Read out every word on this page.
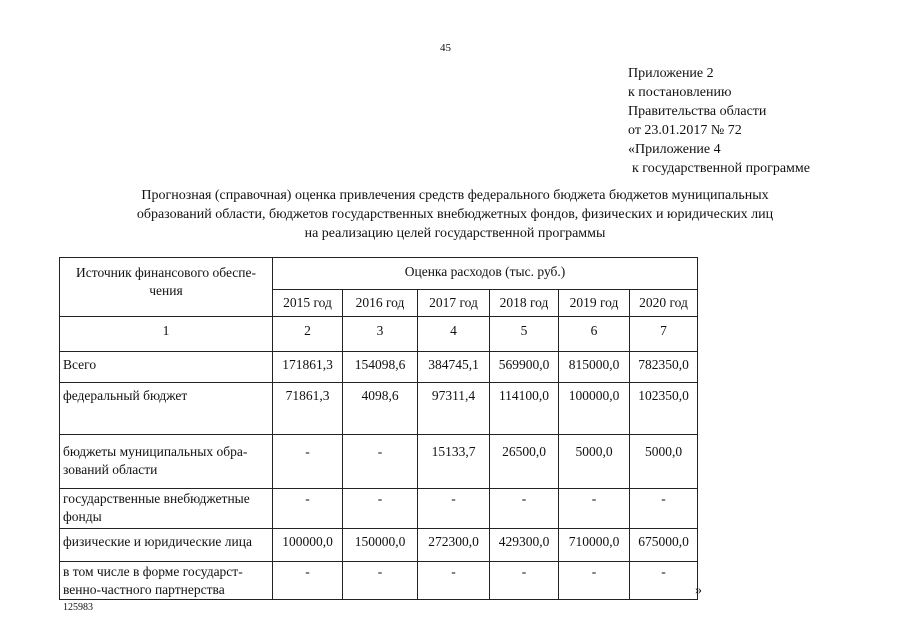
45
Приложение 2
к постановлению
Правительства области
от 23.01.2017 № 72
«Приложение 4
к государственной программе
Прогнозная (справочная) оценка привлечения средств федерального бюджета бюджетов муниципальных
образований области, бюджетов государственных внебюджетных фондов, физических и юридических лиц
на реализацию целей государственной программы
Источник финансового обеспе-
чения	Оценка расходов (тыс. руб.)					
	2015 год	2016 год	2017 год	2018 год	2019 год	2020 год
1	2	3	4	5	6	7

Всего	171861,3	154098,6	384745,1	569900,0	815000,0	782350,0

федеральный бюджет	71861,3	4098,6	97311,4	114100,0	100000,0	102350,0

бюджеты муниципальных обра-
зований области	-	-	15133,7	26500,0	5000,0	5000,0

государственные внебюджетные
фонды	-	-	-	-	-	-

физические и юридические лица	100000,0	150000,0	272300,0	429300,0	710000,0	675000,0

в том числе в форме государст-
венно-частного партнерства	-	-	-	-	-	-
»
125983
